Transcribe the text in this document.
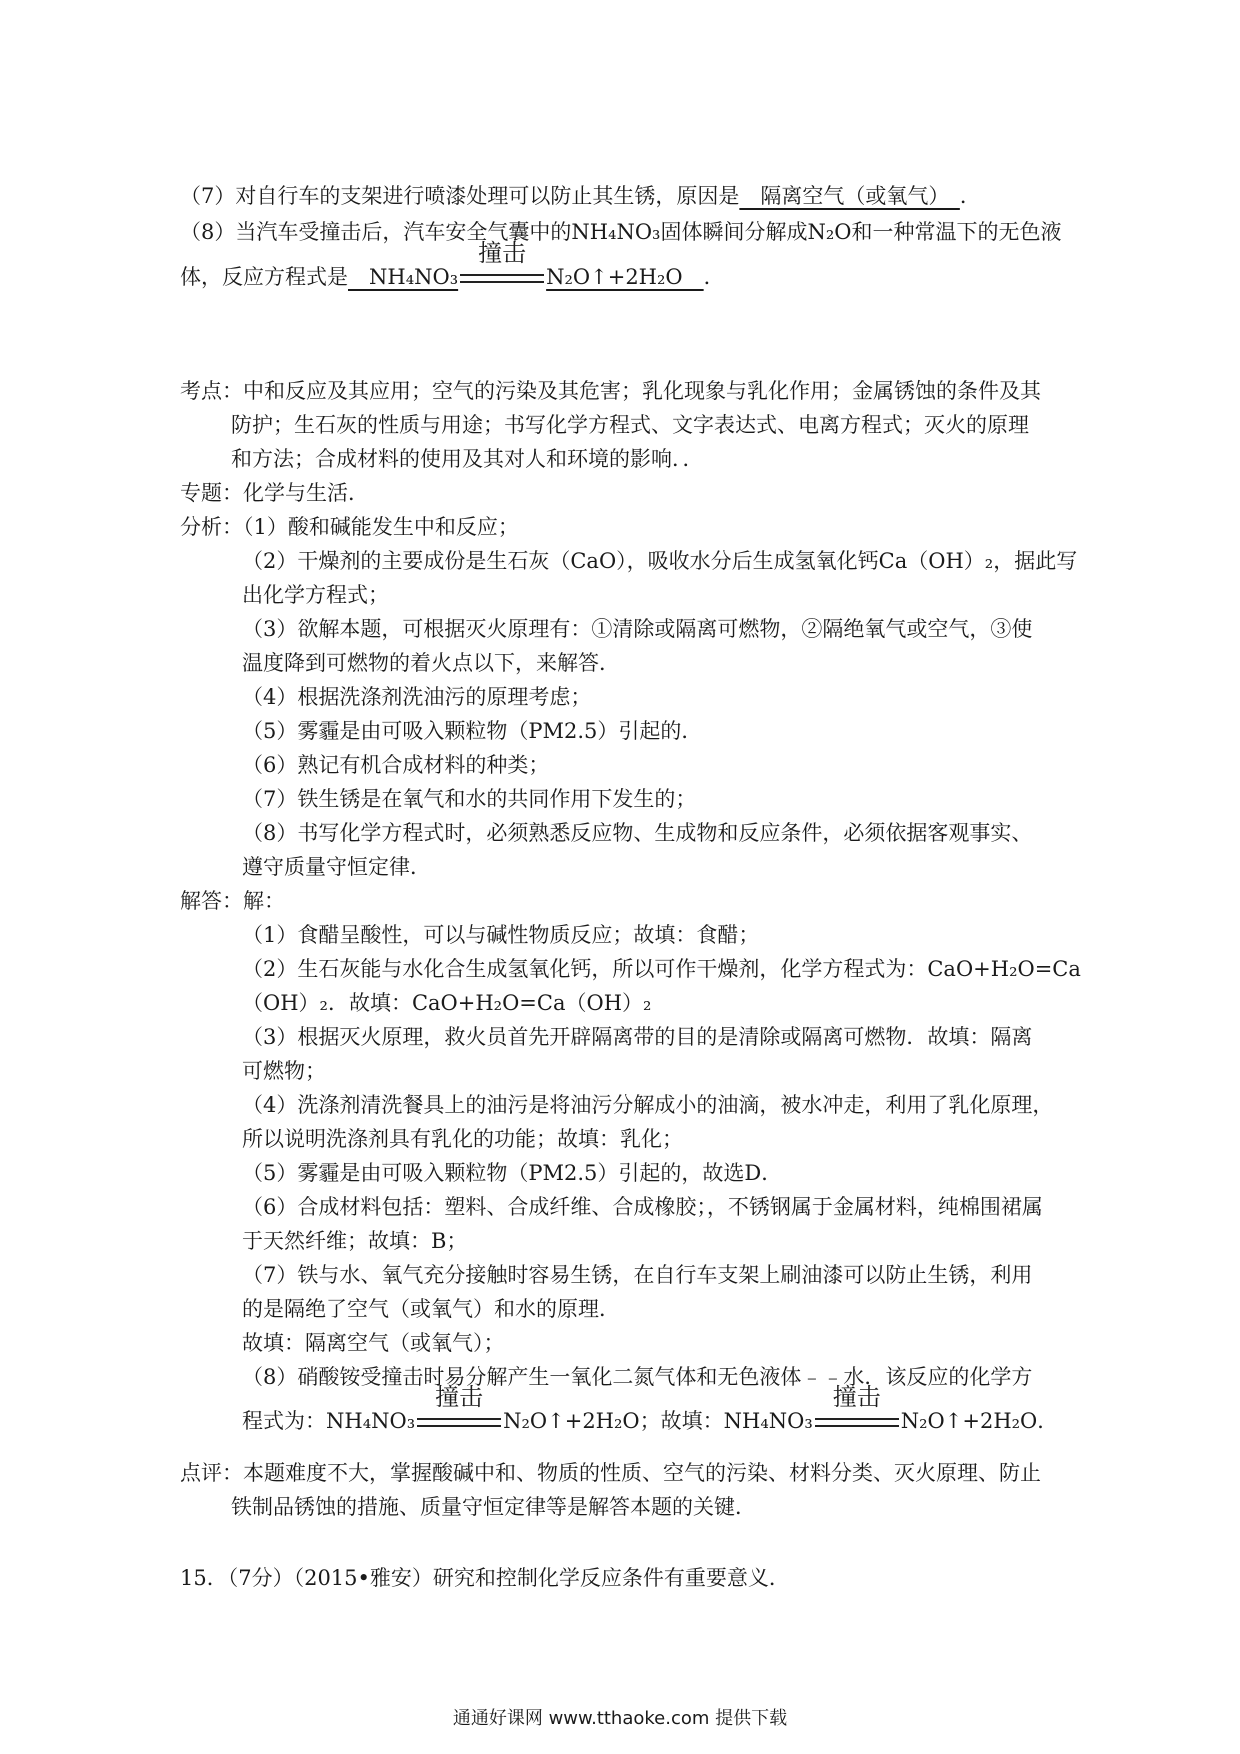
（7）对自行车的支架进行喷漆处理可以防止其生锈，原因是　隔离空气（或氧气）　．
（8）当汽车受撞击后，汽车安全气囊中的NH₄NO₃固体瞬间分解成N₂O和一种常温下的无色液
体，反应方程式是　NH₄NO₃
撞击
N₂O↑+2H₂O　．
考点：中和反应及其应用；空气的污染及其危害；乳化现象与乳化作用；金属锈蚀的条件及其
防护；生石灰的性质与用途；书写化学方程式、文字表达式、电离方程式；灭火的原理
和方法；合成材料的使用及其对人和环境的影响．．
专题：化学与生活．
分析：（1）酸和碱能发生中和反应；
（2）干燥剂的主要成份是生石灰（CaO），吸收水分后生成氢氧化钙Ca（OH）₂，据此写
出化学方程式；
（3）欲解本题，可根据灭火原理有：①清除或隔离可燃物，②隔绝氧气或空气，③使
温度降到可燃物的着火点以下，来解答．
（4）根据洗涤剂洗油污的原理考虑；
（5）雾霾是由可吸入颗粒物（PM2.5）引起的．
（6）熟记有机合成材料的种类；
（7）铁生锈是在氧气和水的共同作用下发生的；
（8）书写化学方程式时，必须熟悉反应物、生成物和反应条件，必须依据客观事实、
遵守质量守恒定律．
解答：解：
（1）食醋呈酸性，可以与碱性物质反应；故填：食醋；
（2）生石灰能与水化合生成氢氧化钙，所以可作干燥剂，化学方程式为：CaO+H₂O=Ca
（OH）₂．故填：CaO+H₂O=Ca（OH）₂
（3）根据灭火原理，救火员首先开辟隔离带的目的是清除或隔离可燃物．故填：隔离
可燃物；
（4）洗涤剂清洗餐具上的油污是将油污分解成小的油滴，被水冲走，利用了乳化原理，
所以说明洗涤剂具有乳化的功能；故填：乳化；
（5）雾霾是由可吸入颗粒物（PM2.5）引起的，故选D．
（6）合成材料包括：塑料、合成纤维、合成橡胶；，不锈钢属于金属材料，纯棉围裙属
于天然纤维；故填：B；
（7）铁与水、氧气充分接触时容易生锈，在自行车支架上刷油漆可以防止生锈，利用
的是隔绝了空气（或氧气）和水的原理．
故填：隔离空气（或氧气）；
（8）硝酸铵受撞击时易分解产生一氧化二氮气体和无色液体﹣﹣水．该反应的化学方
程式为：NH₄NO₃
撞击
N₂O↑+2H₂O；故填：NH₄NO₃
撞击
N₂O↑+2H₂O．
点评：本题难度不大，掌握酸碱中和、物质的性质、空气的污染、材料分类、灭火原理、防止
铁制品锈蚀的措施、质量守恒定律等是解答本题的关键．
15．（7分）（2015•雅安）研究和控制化学反应条件有重要意义．
通通好课网 www.tthaoke.com 提供下载
